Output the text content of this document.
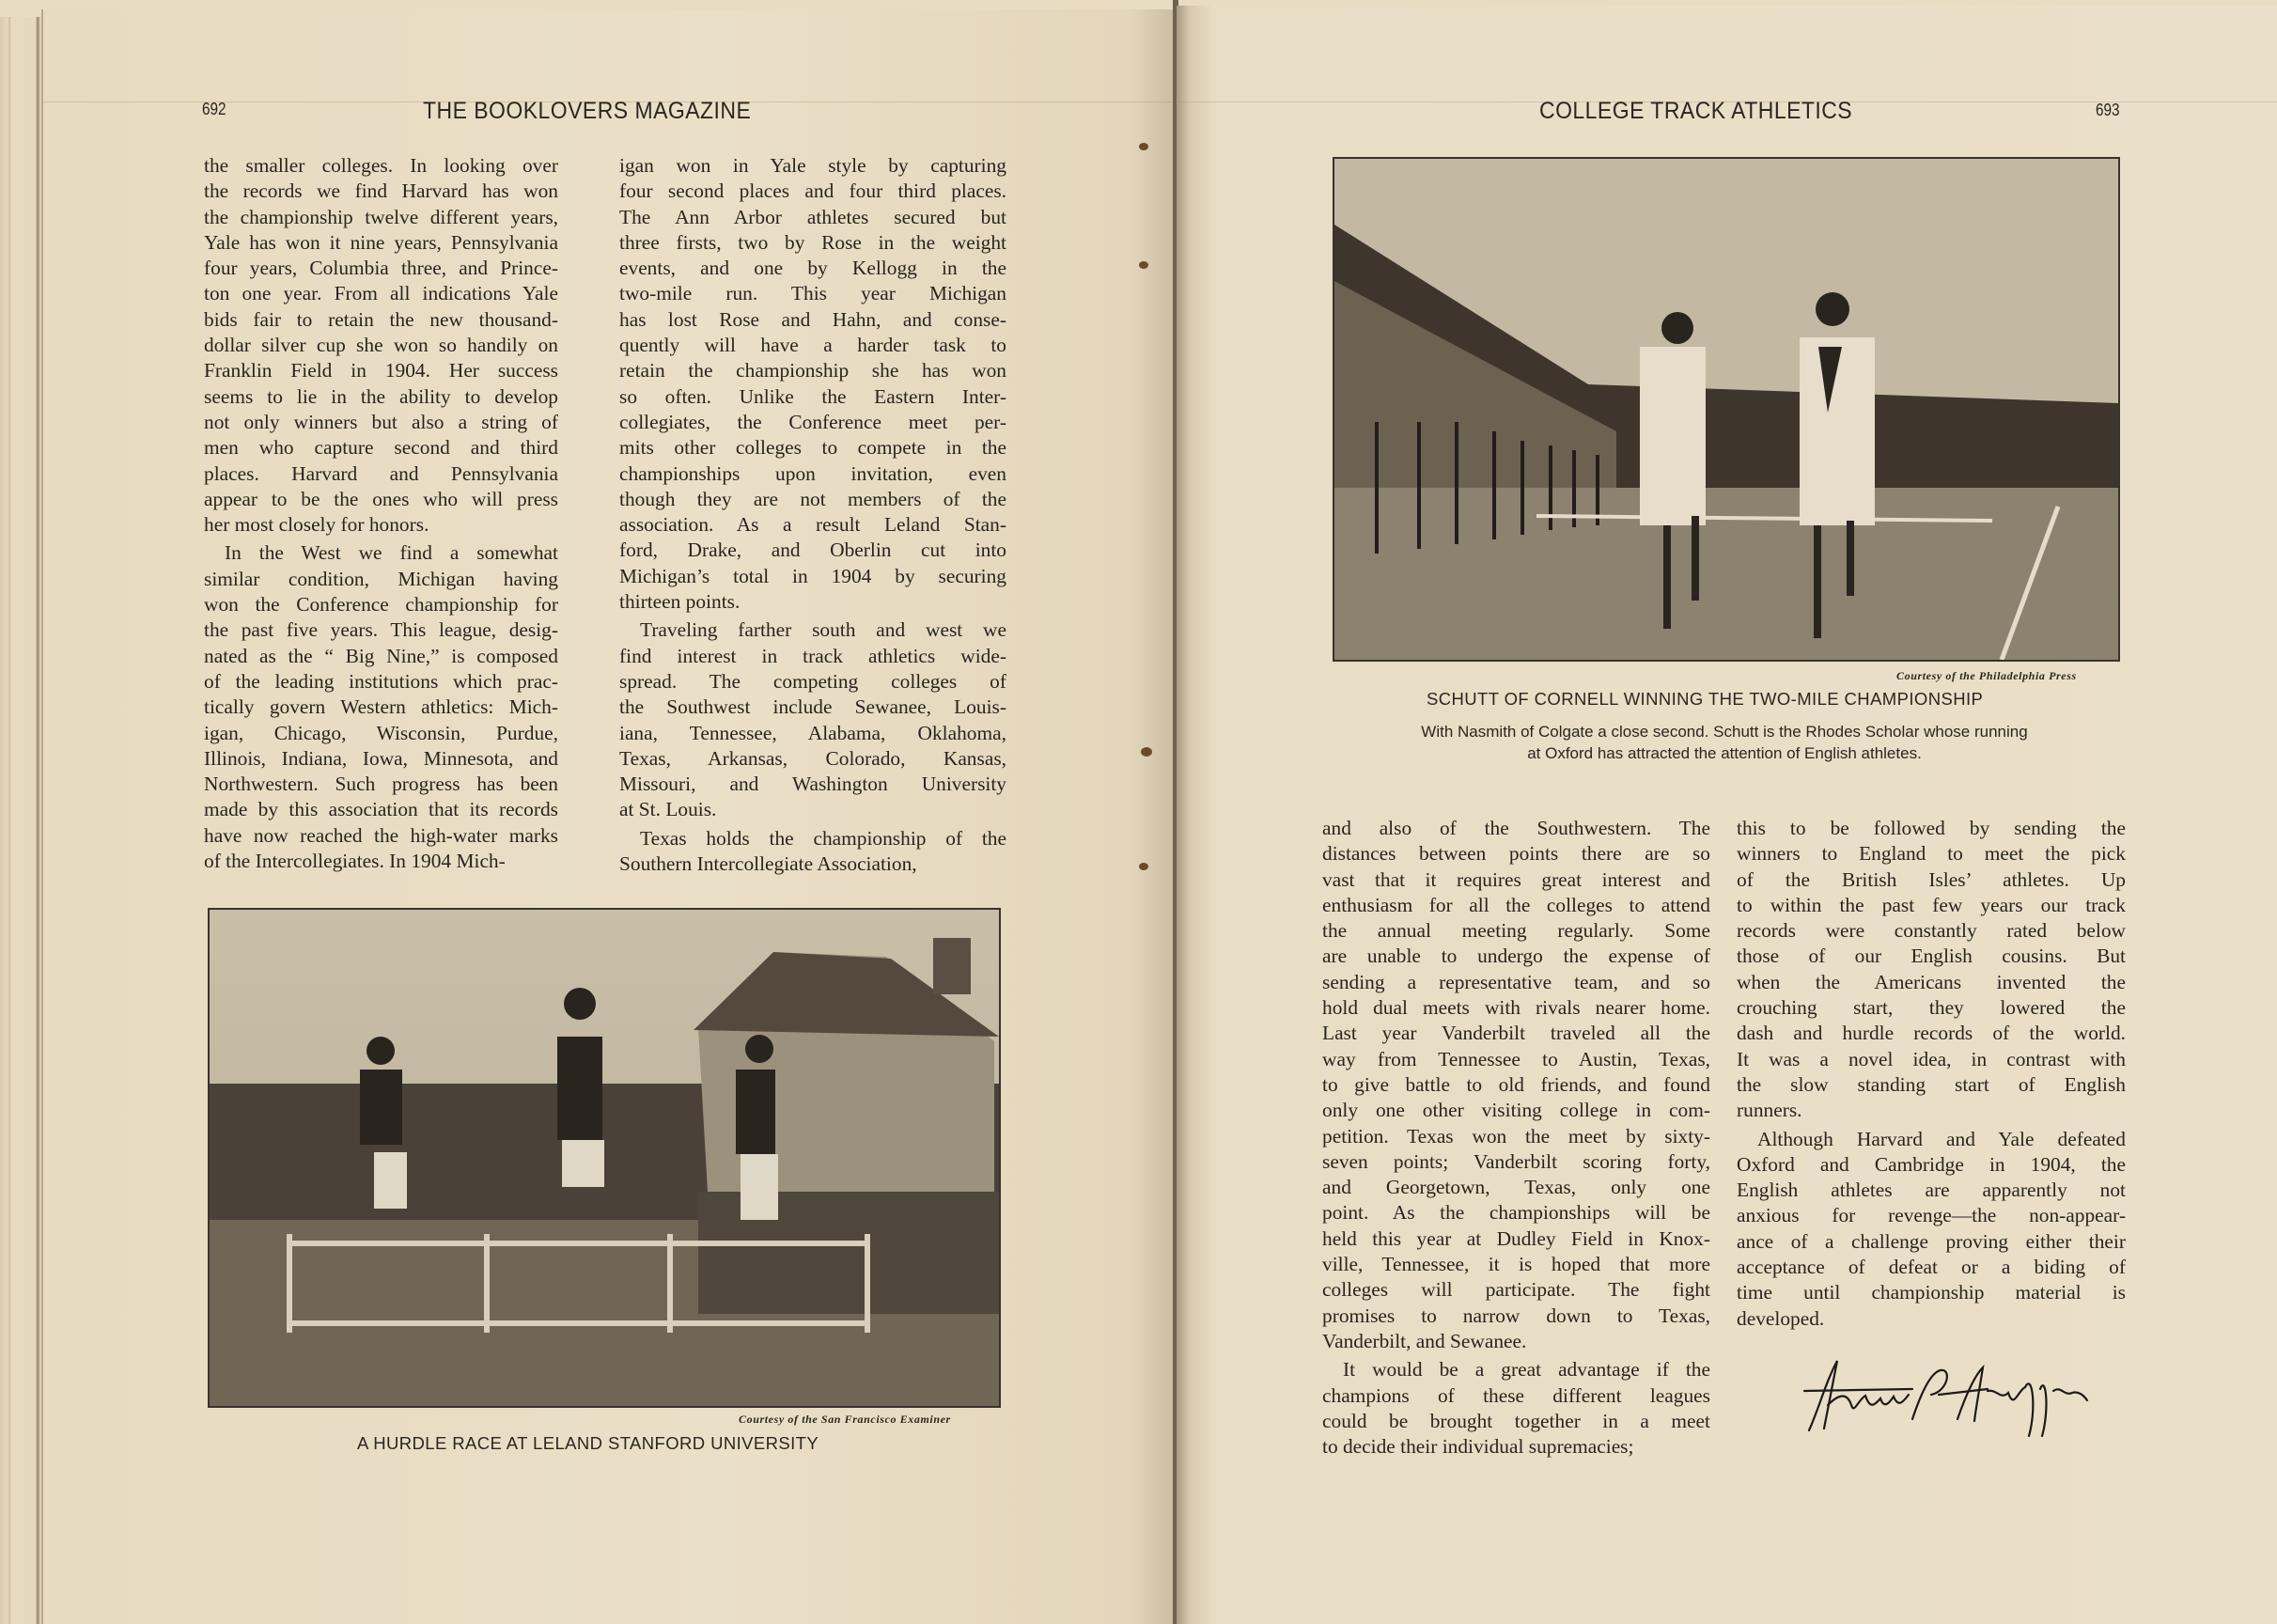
692	THE BOOKLOVERS MAGAZINE
the smaller colleges. In looking over
the records we find Harvard has won
the championship twelve different years,
Yale has won it nine years, Pennsylvania
four years, Columbia three, and Prince-
ton one year. From all indications Yale
bids fair to retain the new thousand-
dollar silver cup she won so handily on
Franklin Field in 1904. Her success
seems to lie in the ability to develop
not only winners but also a string of
men who capture second and third
places. Harvard and Pennsylvania
appear to be the ones who will press
her most closely for honors.
In the West we find a somewhat
similar condition, Michigan having
won the Conference championship for
the past five years. This league, desig-
nated as the “ Big Nine,” is composed
of the leading institutions which prac-
tically govern Western athletics: Mich-
igan, Chicago, Wisconsin, Purdue,
Illinois, Indiana, Iowa, Minnesota, and
Northwestern. Such progress has been
made by this association that its records
have now reached the high-water marks
of the Intercollegiates. In 1904 Mich-
igan won in Yale style by capturing
four second places and four third places.
The Ann Arbor athletes secured but
three firsts, two by Rose in the weight
events, and one by Kellogg in the
two-mile run. This year Michigan
has lost Rose and Hahn, and conse-
quently will have a harder task to
retain the championship she has won
so often. Unlike the Eastern Inter-
collegiates, the Conference meet per-
mits other colleges to compete in the
championships upon invitation, even
though they are not members of the
association. As a result Leland Stan-
ford, Drake, and Oberlin cut into
Michigan’s total in 1904 by securing
thirteen points.
Traveling farther south and west we
find interest in track athletics wide-
spread. The competing colleges of
the Southwest include Sewanee, Louis-
iana, Tennessee, Alabama, Oklahoma,
Texas, Arkansas, Colorado, Kansas,
Missouri, and Washington University
at St. Louis.
Texas holds the championship of the
Southern Intercollegiate Association,
Courtesy of the San Francisco Examiner
A HURDLE RACE AT LELAND STANFORD UNIVERSITY
COLLEGE TRACK ATHLETICS	693
Courtesy of the Philadelphia Press
SCHUTT OF CORNELL WINNING THE TWO-MILE CHAMPIONSHIP
With Nasmith of Colgate a close second. Schutt is the Rhodes Scholar whose running
at Oxford has attracted the attention of English athletes.
and also of the Southwestern. The
distances between points there are so
vast that it requires great interest and
enthusiasm for all the colleges to attend
the annual meeting regularly. Some
are unable to undergo the expense of
sending a representative team, and so
hold dual meets with rivals nearer home.
Last year Vanderbilt traveled all the
way from Tennessee to Austin, Texas,
to give battle to old friends, and found
only one other visiting college in com-
petition. Texas won the meet by sixty-
seven points; Vanderbilt scoring forty,
and Georgetown, Texas, only one
point. As the championships will be
held this year at Dudley Field in Knox-
ville, Tennessee, it is hoped that more
colleges will participate. The fight
promises to narrow down to Texas,
Vanderbilt, and Sewanee.
It would be a great advantage if the
champions of these different leagues
could be brought together in a meet
to decide their individual supremacies;
this to be followed by sending the
winners to England to meet the pick
of the British Isles’ athletes. Up
to within the past few years our track
records were constantly rated below
those of our English cousins. But
when the Americans invented the
crouching start, they lowered the
dash and hurdle records of the world.
It was a novel idea, in contrast with
the slow standing start of English
runners.
Although Harvard and Yale defeated
Oxford and Cambridge in 1904, the
English athletes are apparently not
anxious for revenge—the non-appear-
ance of a challenge proving either their
acceptance of defeat or a biding of
time until championship material is
developed.
